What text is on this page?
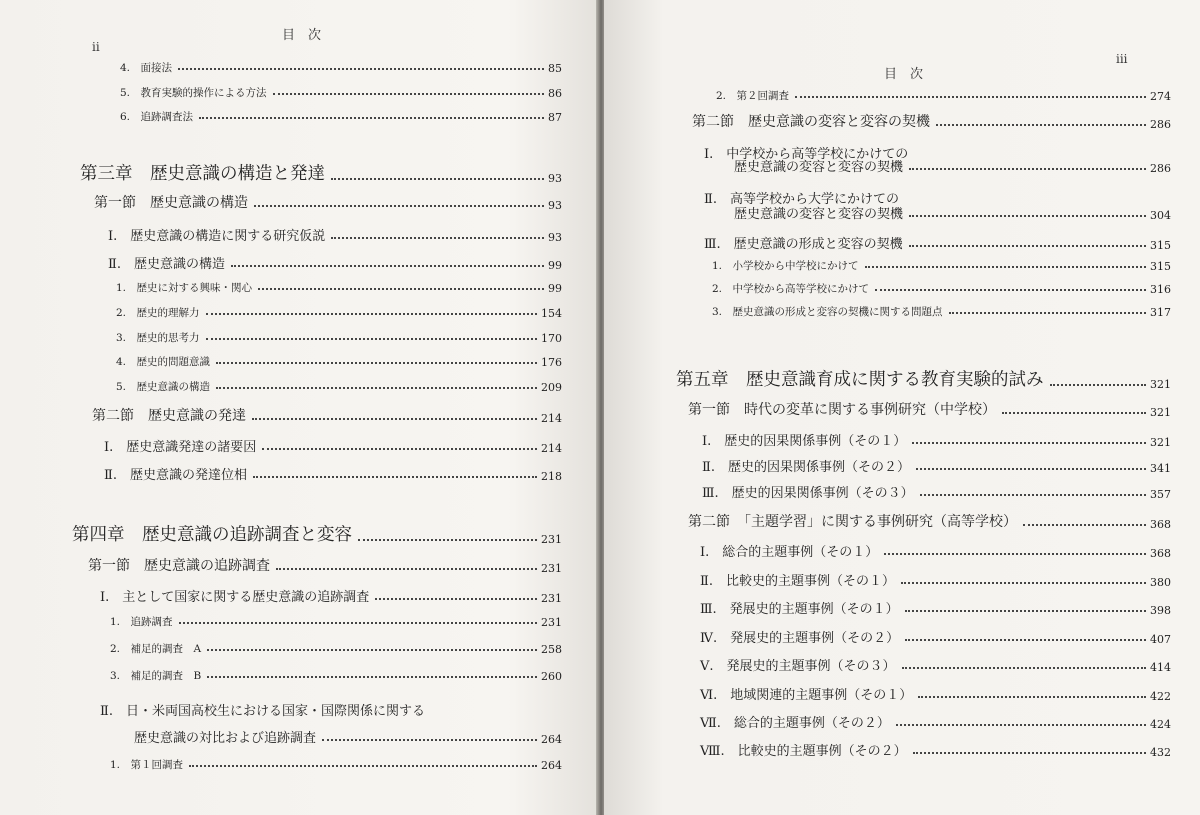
ii
目　次
4.　面接法	85
5.　教育実験的操作による方法	86
6.　追跡調査法	87
第三章　歴史意識の構造と発達	93
第一節　歴史意識の構造	93
Ⅰ.　歴史意識の構造に関する研究仮説	93
Ⅱ.　歴史意識の構造	99
1.　歴史に対する興味・関心	99
2.　歴史的理解力	154
3.　歴史的思考力	170
4.　歴史的問題意識	176
5.　歴史意識の構造	209
第二節　歴史意識の発達	214
Ⅰ.　歴史意識発達の諸要因	214
Ⅱ.　歴史意識の発達位相	218
第四章　歴史意識の追跡調査と変容	231
第一節　歴史意識の追跡調査	231
Ⅰ.　主として国家に関する歴史意識の追跡調査	231
1.　追跡調査	231
2.　補足的調査　A	258
3.　補足的調査　B	260
Ⅱ.　日・米両国高校生における国家・国際関係に関する
歴史意識の対比および追跡調査	264
1.　第１回調査	264
目　次
iii
2.　第２回調査	274
第二節　歴史意識の変容と変容の契機	286
Ⅰ.　中学校から高等学校にかけての
歴史意識の変容と変容の契機	286
Ⅱ.　高等学校から大学にかけての
歴史意識の変容と変容の契機	304
Ⅲ.　歴史意識の形成と変容の契機	315
1.　小学校から中学校にかけて	315
2.　中学校から高等学校にかけて	316
3.　歴史意識の形成と変容の契機に関する問題点	317
第五章　歴史意識育成に関する教育実験的試み	321
第一節　時代の変革に関する事例研究（中学校）	321
Ⅰ.　歴史的因果関係事例（その１）	321
Ⅱ.　歴史的因果関係事例（その２）	341
Ⅲ.　歴史的因果関係事例（その３）	357
第二節　「主題学習」に関する事例研究（高等学校）	368
Ⅰ.　総合的主題事例（その１）	368
Ⅱ.　比較史的主題事例（その１）	380
Ⅲ.　発展史的主題事例（その１）	398
Ⅳ.　発展史的主題事例（その２）	407
Ⅴ.　発展史的主題事例（その３）	414
Ⅵ.　地域関連的主題事例（その１）	422
Ⅶ.　総合的主題事例（その２）	424
Ⅷ.　比較史的主題事例（その２）	432
